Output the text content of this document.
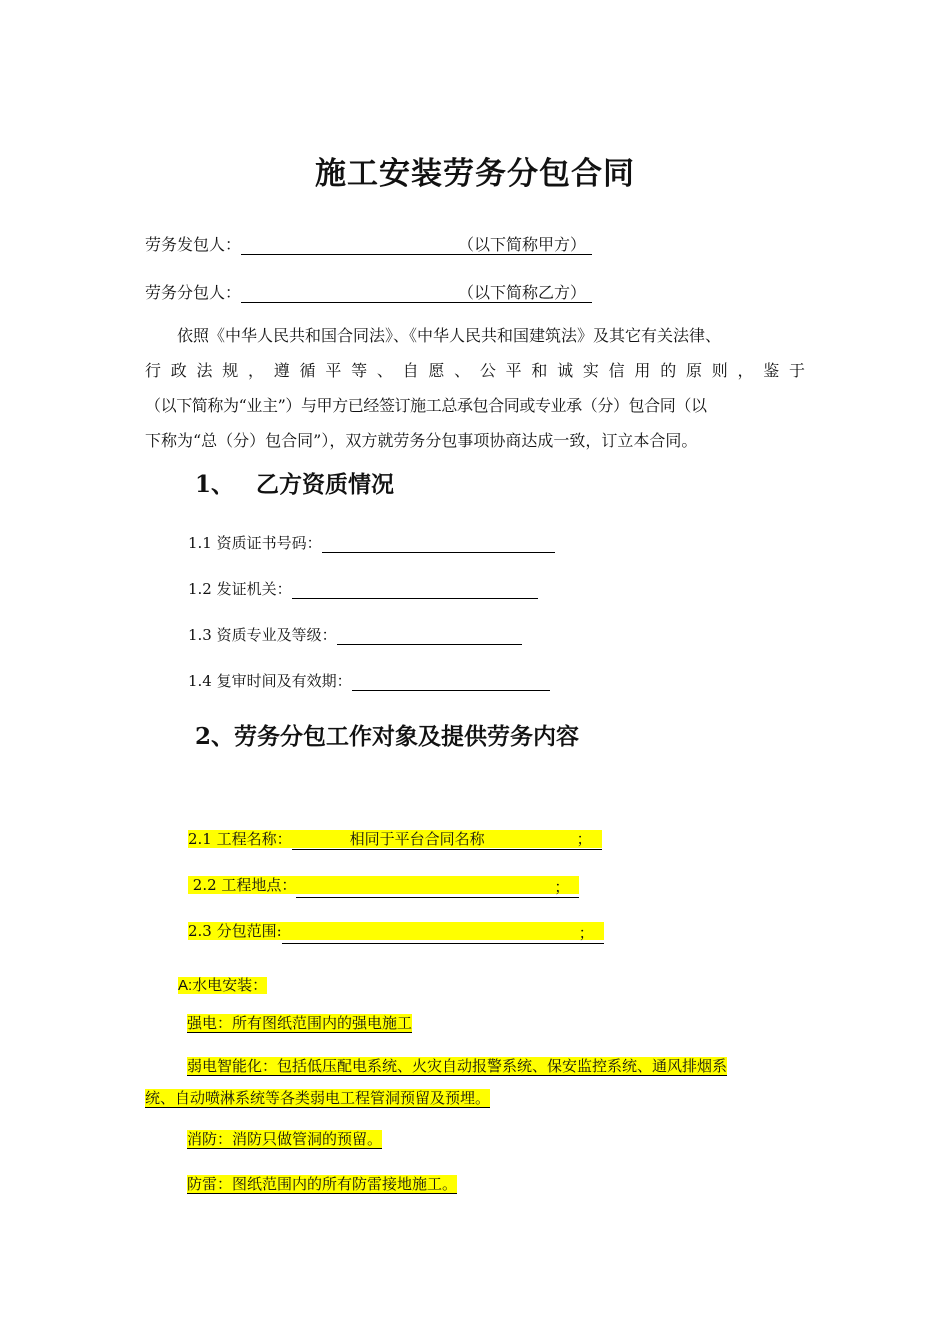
施工安装劳务分包合同
劳务发包人：	（以下简称甲方）
劳务分包人：	（以下简称乙方）
依照《中华人民共和国合同法》、《中华人民共和国建筑法》及其它有关法律、
行政法规，遵循平等、自愿、公平和诚实信用的原则，鉴于
（以下简称为“业主”）与甲方已经签订施工总承包合同或专业承（分）包合同（以
下称为“总（分）包合同”），双方就劳务分包事项协商达成一致，订立本合同。
1、 乙方资质情况
1.1 资质证书号码：
1.2 发证机关：
1.3 资质专业及等级：
1.4 复审时间及有效期：
2、劳务分包工作对象及提供劳务内容
2.1 工程名称：	相同于平台合同名称	；
2.2 工程地点：	；

2.3 分包范围:	；

A:水电安装：
强电：所有图纸范围内的强电施工
弱电智能化：包括低压配电系统、火灾自动报警系统、保安监控系统、通风排烟系
统、自动喷淋系统等各类弱电工程管洞预留及预埋。
消防：消防只做管洞的预留。
防雷：图纸范围内的所有防雷接地施工。
